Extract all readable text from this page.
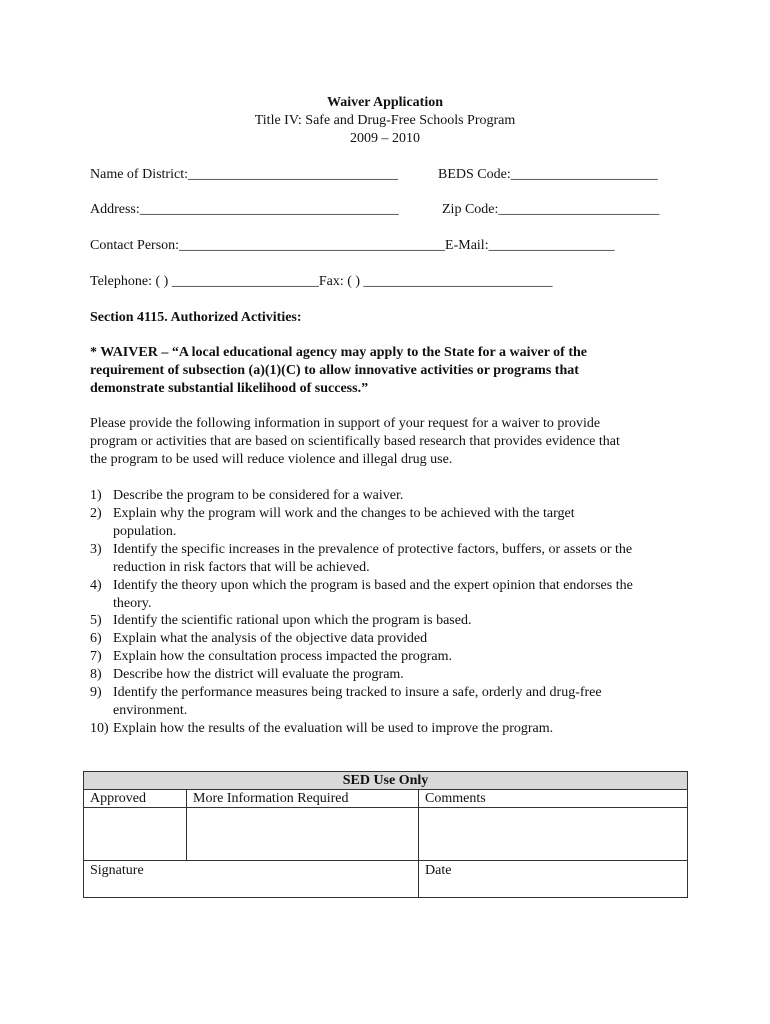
Waiver Application
Title IV: Safe and Drug-Free Schools Program
2009 – 2010
Name of District:______________________________	BEDS Code:_____________________
Address:_____________________________________	Zip Code:_______________________
Contact Person:______________________________________E-Mail:__________________
Telephone: ( ) _____________________Fax: ( ) ___________________________
Section 4115. Authorized Activities:
* WAIVER – “A local educational agency may apply to the State for a waiver of the
requirement of subsection (a)(1)(C) to allow innovative activities or programs that
demonstrate substantial likelihood of success.”
Please provide the following information in support of your request for a waiver to provide
program or activities that are based on scientifically based research that provides evidence that
the program to be used will reduce violence and illegal drug use.
1) Describe the program to be considered for a waiver.
2) Explain why the program will work and the changes to be achieved with the target
population.
3) Identify the specific increases in the prevalence of protective factors, buffers, or assets or the
reduction in risk factors that will be achieved.
4) Identify the theory upon which the program is based and the expert opinion that endorses the
theory.
5) Identify the scientific rational upon which the program is based.
6) Explain what the analysis of the objective data provided
7) Explain how the consultation process impacted the program.
8) Describe how the district will evaluate the program.
9) Identify the performance measures being tracked to insure a safe, orderly and drug-free
environment.
10) Explain how the results of the evaluation will be used to improve the program.
SED Use Only		
Approved	More Information Required	Comments

Signature		Date
